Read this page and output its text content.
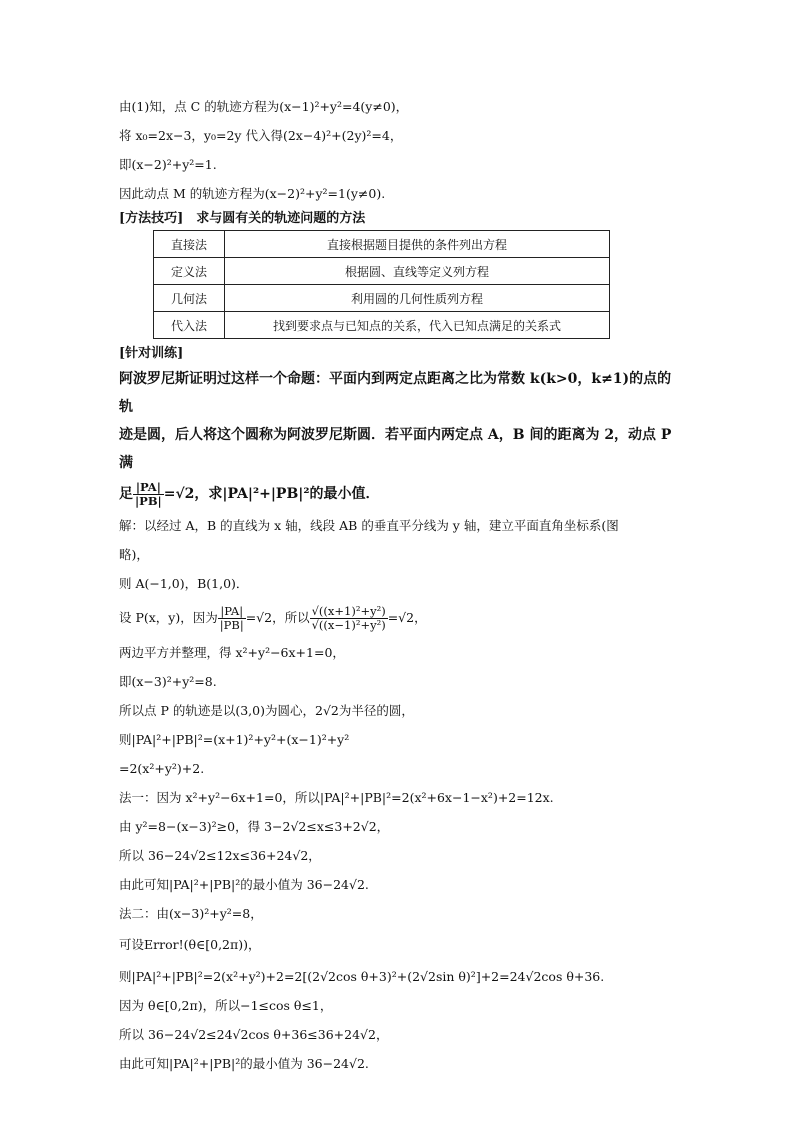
由(1)知，点 C 的轨迹方程为(x−1)²+y²=4(y≠0)，
将 x₀=2x−3，y₀=2y 代入得(2x−4)²+(2y)²=4，
即(x−2)²+y²=1.
因此动点 M 的轨迹方程为(x−2)²+y²=1(y≠0).
[方法技巧]　求与圆有关的轨迹问题的方法
直接法	直接根据题目提供的条件列出方程
定义法	根据圆、直线等定义列方程
几何法	利用圆的几何性质列方程
代入法	找到要求点与已知点的关系，代入已知点满足的关系式
[针对训练]
阿波罗尼斯证明过这样一个命题：平面内到两定点距离之比为常数 k(k>0，k≠1)的点的轨
迹是圆，后人将这个圆称为阿波罗尼斯圆．若平面内两定点 A，B 间的距离为 2，动点 P 满
足 $\frac{|PA|}{|PB|} =√2$，求|PA|²+|PB|²的最小值．
解：以经过 A，B 的直线为 x 轴，线段 AB 的垂直平分线为 y 轴，建立平面直角坐标系(图
略)，
则 A(−1,0)，B(1,0)．
设 P(x，y)，因为 $\frac{|PA|}{|PB|} =√2$，所以 $\frac{\text{√((x+1)²+y²)}}{\text{√((x−1)²+y²)}} =√2$，
两边平方并整理，得 x²+y²−6x+1=0，
即(x−3)²+y²=8.
所以点 P 的轨迹是以(3,0)为圆心，2√2为半径的圆，
则|PA|²+|PB|²=(x+1)²+y²+(x−1)²+y²
=2(x²+y²)+2.
法一：因为 x²+y²−6x+1=0，所以|PA|²+|PB|²=2(x²+6x−1−x²)+2=12x.
由 y²=8−(x−3)²≥0，得 3−2√2≤x≤3+2√2，
所以 36−24√2≤12x≤36+24√2，
由此可知|PA|²+|PB|²的最小值为 36−24√2.
法二：由(x−3)²+y²=8，
可设Error!(θ∈[0,2π))，
则|PA|²+|PB|²=2(x²+y²)+2=2[(2√2cos θ+3)²+(2√2sin θ)²]+2=24√2cos θ+36.
因为 θ∈[0,2π)，所以−1≤cos θ≤1，
所以 36−24√2≤24√2cos θ+36≤36+24√2，
由此可知|PA|²+|PB|²的最小值为 36−24√2.
